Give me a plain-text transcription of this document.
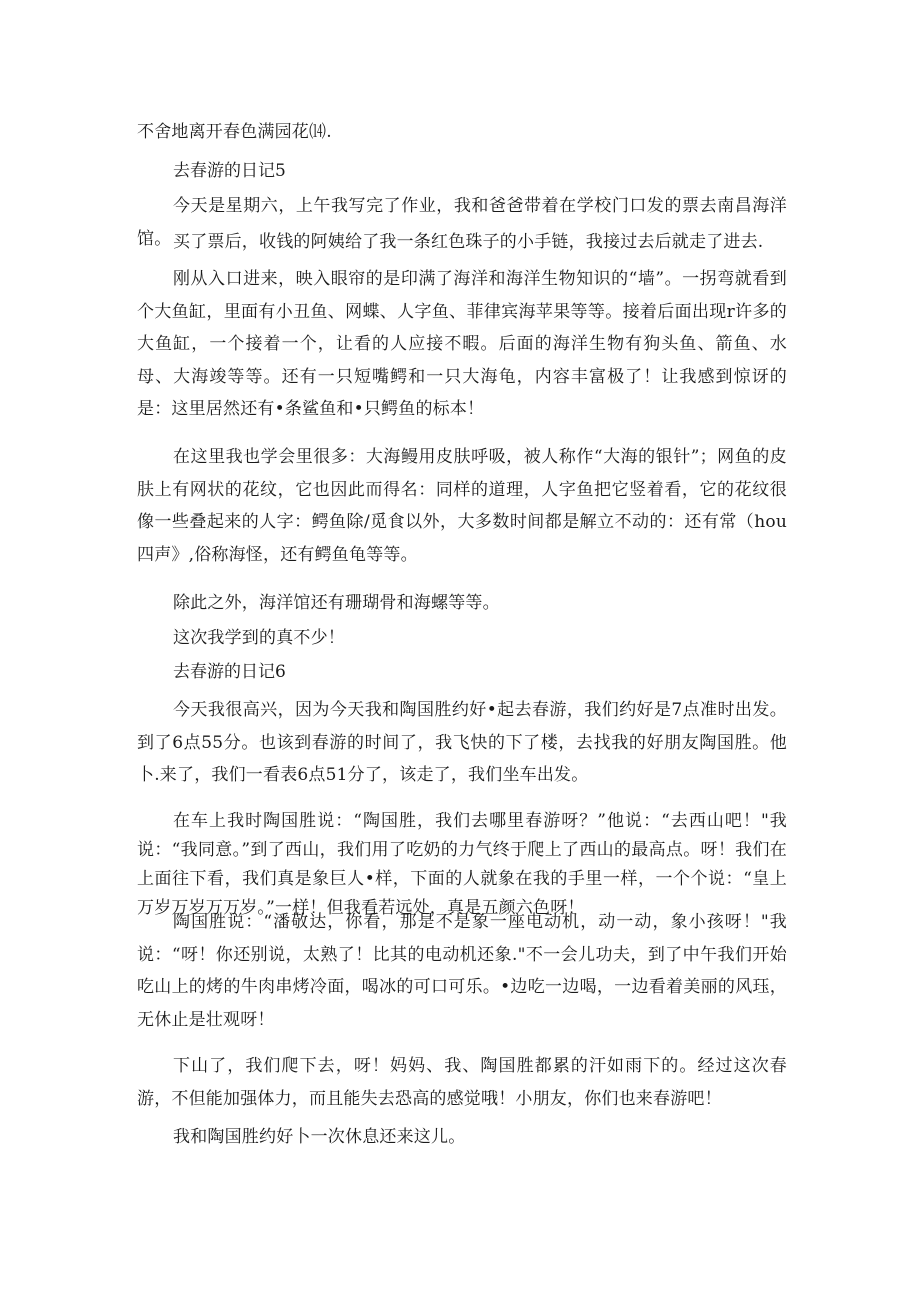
不舍地离开春色满园花⒁.

去春游的日记5

今天是星期六，上午我写完了作业，我和爸爸带着在学校门口发的票去南昌海洋馆。 买了票后，收钱的阿姨给了我一条红色珠子的小手链，我接过去后就走了进去.

刚从入口进来，映入眼帘的是印满了海洋和海洋生物知识的“墙”。一拐弯就看到个大鱼缸，里面有小丑鱼、网蝶、人字鱼、菲律宾海苹果等等。接着后面出现r许多的大鱼缸，一个接着一个，让看的人应接不暇。后面的海洋生物有狗头鱼、箭鱼、水母、大海竣等等。还有一只短嘴鳄和一只大海龟，内容丰富极了！让我感到惊讶的是：这里居然还有•条鲨鱼和•只鳄鱼的标本！

在这里我也学会里很多：大海鳗用皮肤呼吸，被人称作“大海的银针”；网鱼的皮肤上有网状的花纹，它也因此而得名：同样的道理，人字鱼把它竖着看，它的花纹很像一些叠起来的人字：鳄鱼除/觅食以外，大多数时间都是解立不动的：还有常（hou四声》,俗称海怪，还有鳄鱼龟等等。

除此之外，海洋馆还有珊瑚骨和海螺等等。

这次我学到的真不少！

去春游的日记6

今天我很高兴，因为今天我和陶国胜约好•起去春游，我们约好是7点准时出发。到了6点55分。也该到春游的时间了，我飞快的下了楼，去找我的好朋友陶国胜。他卜.来了，我们一看表6点51分了，该走了，我们坐车出发。

在车上我时陶国胜说：“陶国胜，我们去哪里春游呀？”他说：“去西山吧！"我说：“我同意。”到了西山，我们用了吃奶的力气终于爬上了西山的最高点。呀！我们在上面往下看，我们真是象巨人•样，下面的人就象在我的手里一样，一个个说：“皇上万岁万岁万万岁。”一样！但我看若远处，真是五颜六色呀！

陶国胜说：“潘敬达，你看，那是不是象一座电动机，动一动，象小孩呀！"我说：“呀！你还别说，太熟了！比其的电动机还象."不一会儿功夫，到了中午我们开始吃山上的烤的牛肉串烤冷面，喝冰的可口可乐。•边吃一边喝，一边看着美丽的风珏，无休止是壮观呀！

下山了，我们爬下去，呀！妈妈、我、陶国胜都累的汗如雨下的。经过这次春游，不但能加强体力，而且能失去恐高的感觉哦！小朋友，你们也来春游吧！

我和陶国胜约好卜一次休息还来这儿。
